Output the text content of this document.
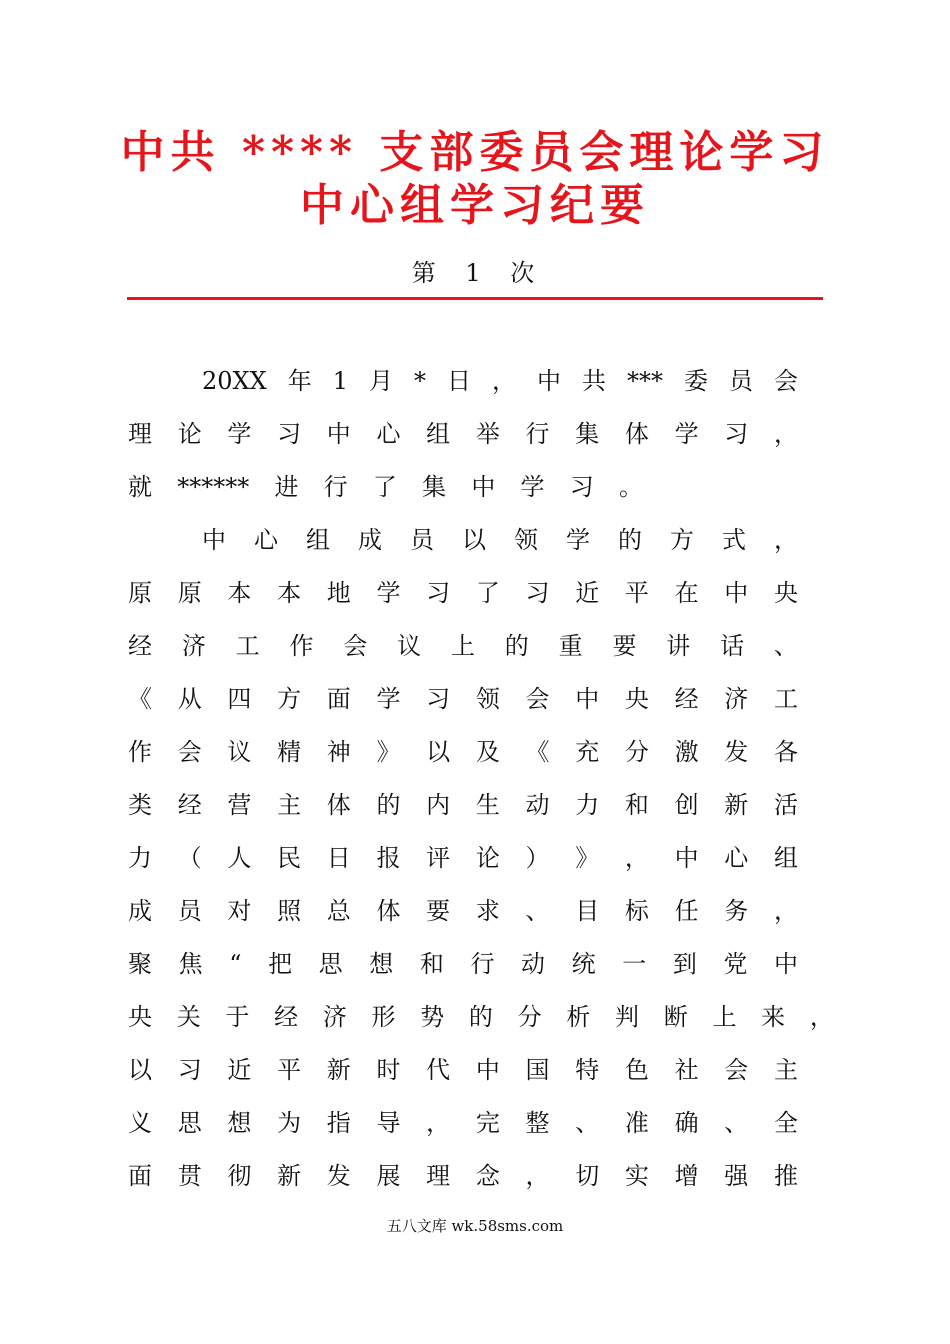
中共 **** 支部委员会理论学习
中心组学习纪要
第 1 次
20XX 年 1 月 * 日 ， 中 共 *** 委 员 会
理 论 学 习 中 心 组 举 行 集 体 学 习 ，
就 ****** 进 行 了 集 中 学 习 。
中 心 组 成 员 以 领 学 的 方 式 ，
原 原 本 本 地 学 习 了 习 近 平 在 中 央
经 济 工 作 会 议 上 的 重 要 讲 话 、
《 从 四 方 面 学 习 领 会 中 央 经 济 工
作 会 议 精 神 》 以 及 《 充 分 激 发 各
类 经 营 主 体 的 内 生 动 力 和 创 新 活
力 （ 人 民 日 报 评 论 ） 》 ， 中 心 组
成 员 对 照 总 体 要 求 、 目 标 任 务 ，
聚 焦 “ 把 思 想 和 行 动 统 一 到 党 中
央 关 于 经 济 形 势 的 分 析 判 断 上 来 ，
以 习 近 平 新 时 代 中 国 特 色 社 会 主
义 思 想 为 指 导 ， 完 整 、 准 确 、 全
面 贯 彻 新 发 展 理 念 ， 切 实 增 强 推
五八文库 wk.58sms.com
